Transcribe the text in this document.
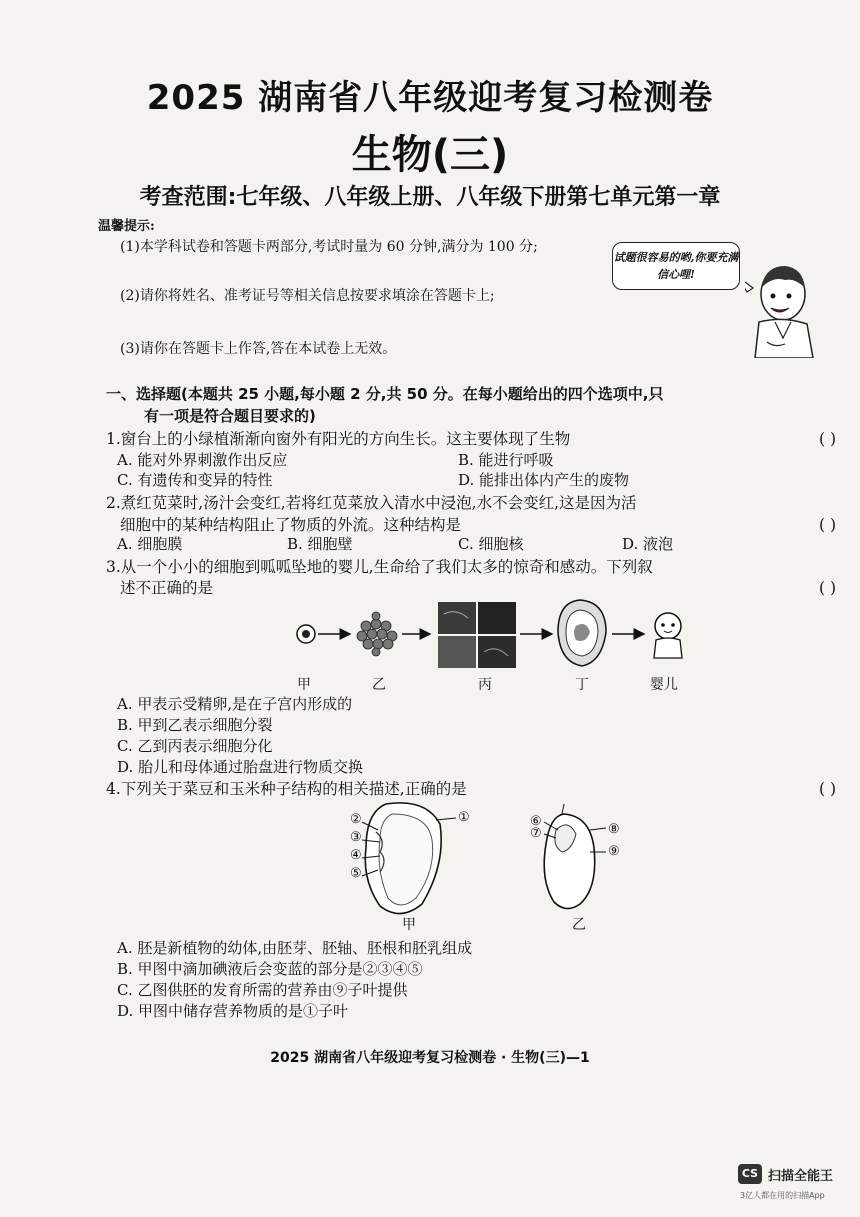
2025 湖南省八年级迎考复习检测卷
生物(三)
考查范围:七年级、八年级上册、八年级下册第七单元第一章
温馨提示:
(1)本学科试卷和答题卡两部分,考试时量为 60 分钟,满分为 100 分;
(2)请你将姓名、准考证号等相关信息按要求填涂在答题卡上;
(3)请你在答题卡上作答,答在本试卷上无效。
试题很容易的哟,你要充满信心哩!
一、选择题(本题共 25 小题,每小题 2 分,共 50 分。在每小题给出的四个选项中,只
有一项是符合题目要求的)
1.窗台上的小绿植渐渐向窗外有阳光的方向生长。这主要体现了生物	( )
A. 能对外界刺激作出反应	B. 能进行呼吸
C. 有遗传和变异的特性	D. 能排出体内产生的废物
2.煮红苋菜时,汤汁会变红,若将红苋菜放入清水中浸泡,水不会变红,这是因为活
细胞中的某种结构阻止了物质的外流。这种结构是	( )
A. 细胞膜	B. 细胞壁	C. 细胞核	D. 液泡
3.从一个小小的细胞到呱呱坠地的婴儿,生命给了我们太多的惊奇和感动。下列叙
述不正确的是	( )
甲	乙	丙	丁	婴儿
A. 甲表示受精卵,是在子宫内形成的
B. 甲到乙表示细胞分裂
C. 乙到丙表示细胞分化
D. 胎儿和母体通过胎盘进行物质交换
4.下列关于菜豆和玉米种子结构的相关描述,正确的是	( )
②
③
④
⑤
①	⑥
⑦	⑧
⑨
甲	乙
A. 胚是新植物的幼体,由胚芽、胚轴、胚根和胚乳组成
B. 甲图中滴加碘液后会变蓝的部分是②③④⑤
C. 乙图供胚的发育所需的营养由⑨子叶提供
D. 甲图中储存营养物质的是①子叶
2025 湖南省八年级迎考复习检测卷 · 生物(三)—1
CS 扫描全能王
3亿人都在用的扫描App
